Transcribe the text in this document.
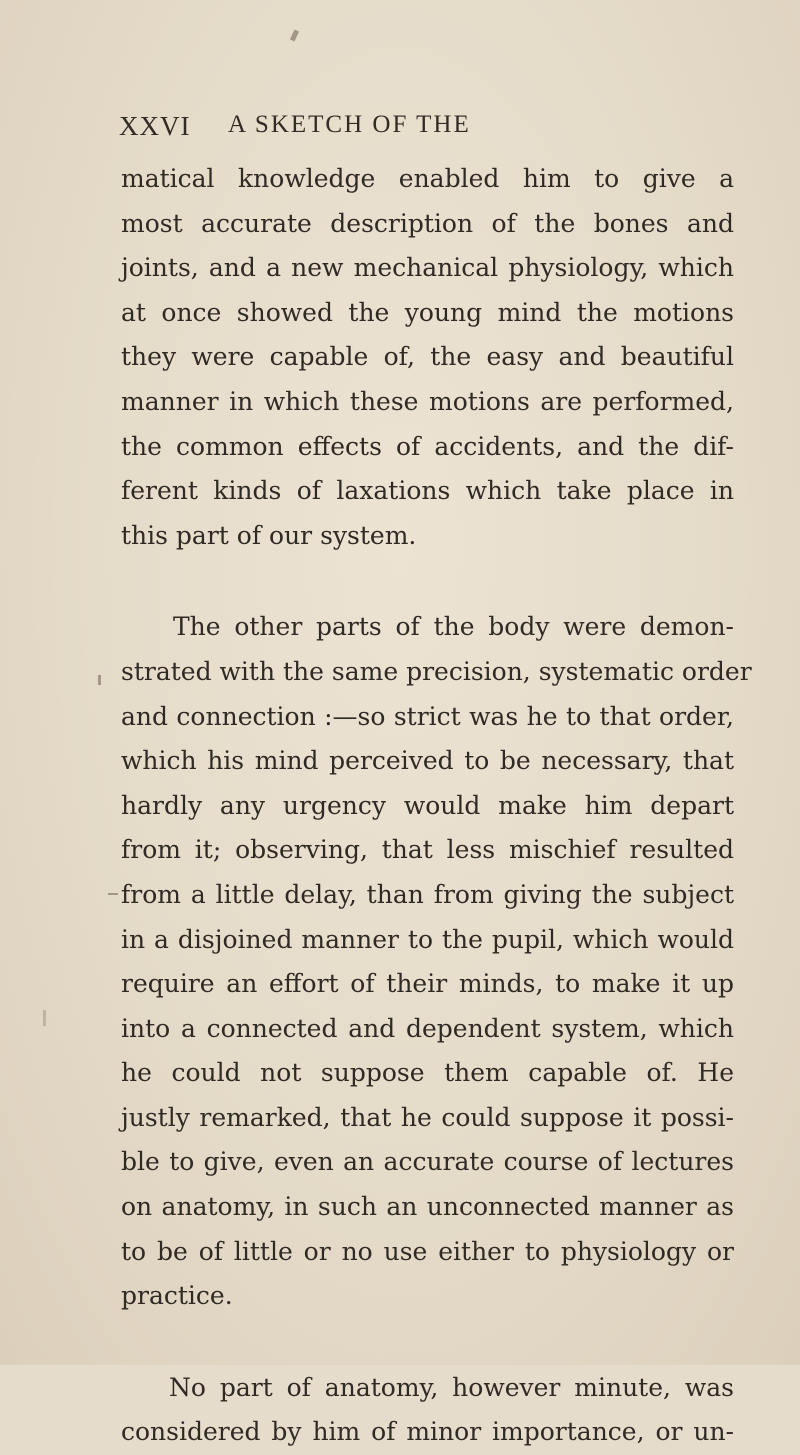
XXVI A SKETCH OF THE
matical knowledge enabled him to give a
most accurate description of the bones and
joints, and a new mechanical physiology, which
at once showed the young mind the motions
they were capable of, the easy and beautiful
manner in which these motions are performed,
the common effects of accidents, and the dif-
ferent kinds of laxations which take place in
this part of our system.
The other parts of the body were demon-
strated with the same precision, systematic order
and connection :—so strict was he to that order,
which his mind perceived to be necessary, that
hardly any urgency would make him depart
from it; observing, that less mischief resulted
from a little delay, than from giving the subject
in a disjoined manner to the pupil, which would
require an effort of their minds, to make it up
into a connected and dependent system, which
he could not suppose them capable of. He
justly remarked, that he could suppose it possi-
ble to give, even an accurate course of lectures
on anatomy, in such an unconnected manner as
to be of little or no use either to physiology or
practice.
No part of anatomy, however minute, was
considered by him of minor importance, or un-
